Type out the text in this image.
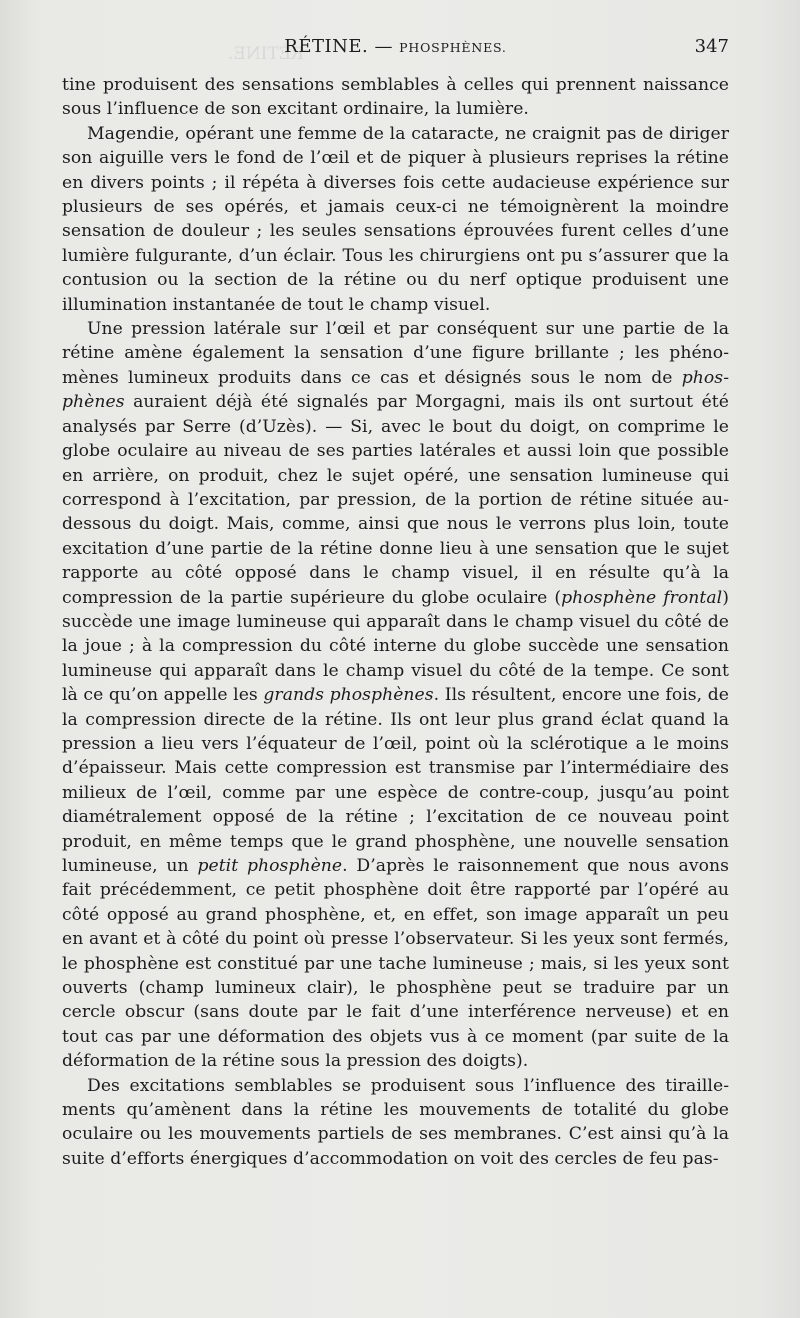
RÉTINE.
RÉTINE. — PHOSPHÈNES.	347

tine produisent des sensations semblables à celles qui prennent naissance sous l’influence de son excitant ordinaire, la lumière.

Magendie, opérant une femme de la cataracte, ne craignit pas de diriger son aiguille vers le fond de l’œil et de piquer à plusieurs reprises la rétine en divers points ; il répéta à diverses fois cette audacieuse expérience sur plusieurs de ses opérés, et jamais ceux-ci ne témoignèrent la moindre sensation de douleur ; les seules sensations éprouvées furent celles d’une lumière fulgurante, d’un éclair. Tous les chirurgiens ont pu s’assurer que la contusion ou la section de la rétine ou du nerf optique produisent une illumination instantanée de tout le champ visuel.

Une pression latérale sur l’œil et par conséquent sur une partie de la rétine amène également la sensation d’une figure brillante ; les phénomènes lumineux produits dans ce cas et désignés sous le nom de phosphènes auraient déjà été signalés par Morgagni, mais ils ont surtout été analysés par Serre (d’Uzès). — Si, avec le bout du doigt, on comprime le globe oculaire au niveau de ses parties latérales et aussi loin que possible en arrière, on produit, chez le sujet opéré, une sensation lumineuse qui correspond à l’excitation, par pression, de la portion de rétine située au-dessous du doigt. Mais, comme, ainsi que nous le verrons plus loin, toute excitation d’une partie de la rétine donne lieu à une sensation que le sujet rapporte au côté opposé dans le champ visuel, il en résulte qu’à la compression de la partie supérieure du globe oculaire (phosphène frontal) succède une image lumineuse qui apparaît dans le champ visuel du côté de la joue ; à la compression du côté interne du globe succède une sensation lumineuse qui apparaît dans le champ visuel du côté de la tempe. Ce sont là ce qu’on appelle les grands phosphènes. Ils résultent, encore une fois, de la compression directe de la rétine. Ils ont leur plus grand éclat quand la pression a lieu vers l’équateur de l’œil, point où la sclérotique a le moins d’épaisseur. Mais cette compression est transmise par l’intermédiaire des milieux de l’œil, comme par une espèce de contre-coup, jusqu’au point diamétralement opposé de la rétine ; l’excitation de ce nouveau point produit, en même temps que le grand phosphène, une nouvelle sensation lumineuse, un petit phosphène. D’après le raisonnement que nous avons fait précédemment, ce petit phosphène doit être rapporté par l’opéré au côté opposé au grand phosphène, et, en effet, son image apparaît un peu en avant et à côté du point où presse l’observateur. Si les yeux sont fermés, le phosphène est constitué par une tache lumineuse ; mais, si les yeux sont ouverts (champ lumineux clair), le phosphène peut se traduire par un cercle obscur (sans doute par le fait d’une interférence nerveuse) et en tout cas par une déformation des objets vus à ce moment (par suite de la déformation de la rétine sous la pression des doigts).

Des excitations semblables se produisent sous l’influence des tiraillements qu’amènent dans la rétine les mouvements de totalité du globe oculaire ou les mouvements partiels de ses membranes. C’est ainsi qu’à la suite d’efforts énergiques d’accommodation on voit des cercles de feu pas-
